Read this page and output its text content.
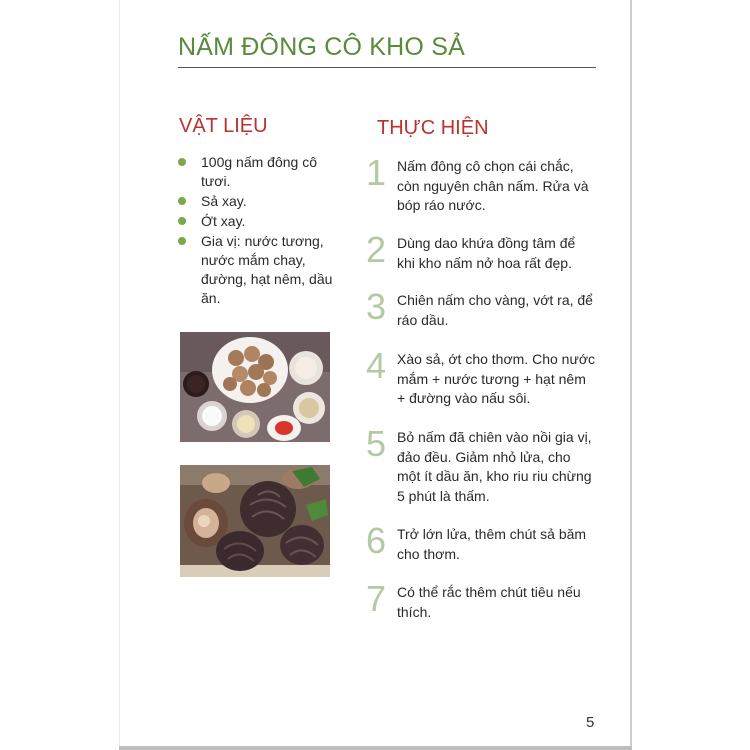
NẤM ĐÔNG CÔ KHO SẢ
VẬT LIỆU	THỰC HIỆN
100g nấm đông cô tươi.
Sả xay.
Ớt xay.
Gia vị: nước tương, nước mắm chay, đường, hạt nêm, dầu ăn.
1 Nấm đông cô chọn cái chắc, còn nguyên chân nấm. Rửa và bóp ráo nước.
2 Dùng dao khứa đồng tâm để khi kho nấm nở hoa rất đẹp.
3 Chiên nấm cho vàng, vớt ra, để ráo dầu.
4 Xào sả, ớt cho thơm. Cho nước mắm + nước tương + hạt nêm + đường vào nấu sôi.
5 Bỏ nấm đã chiên vào nồi gia vị, đảo đều. Giảm nhỏ lửa, cho một ít dầu ăn, kho riu riu chừng 5 phút là thấm.
6 Trở lớn lửa, thêm chút sả băm cho thơm.
7 Có thể rắc thêm chút tiêu nếu thích.
5
